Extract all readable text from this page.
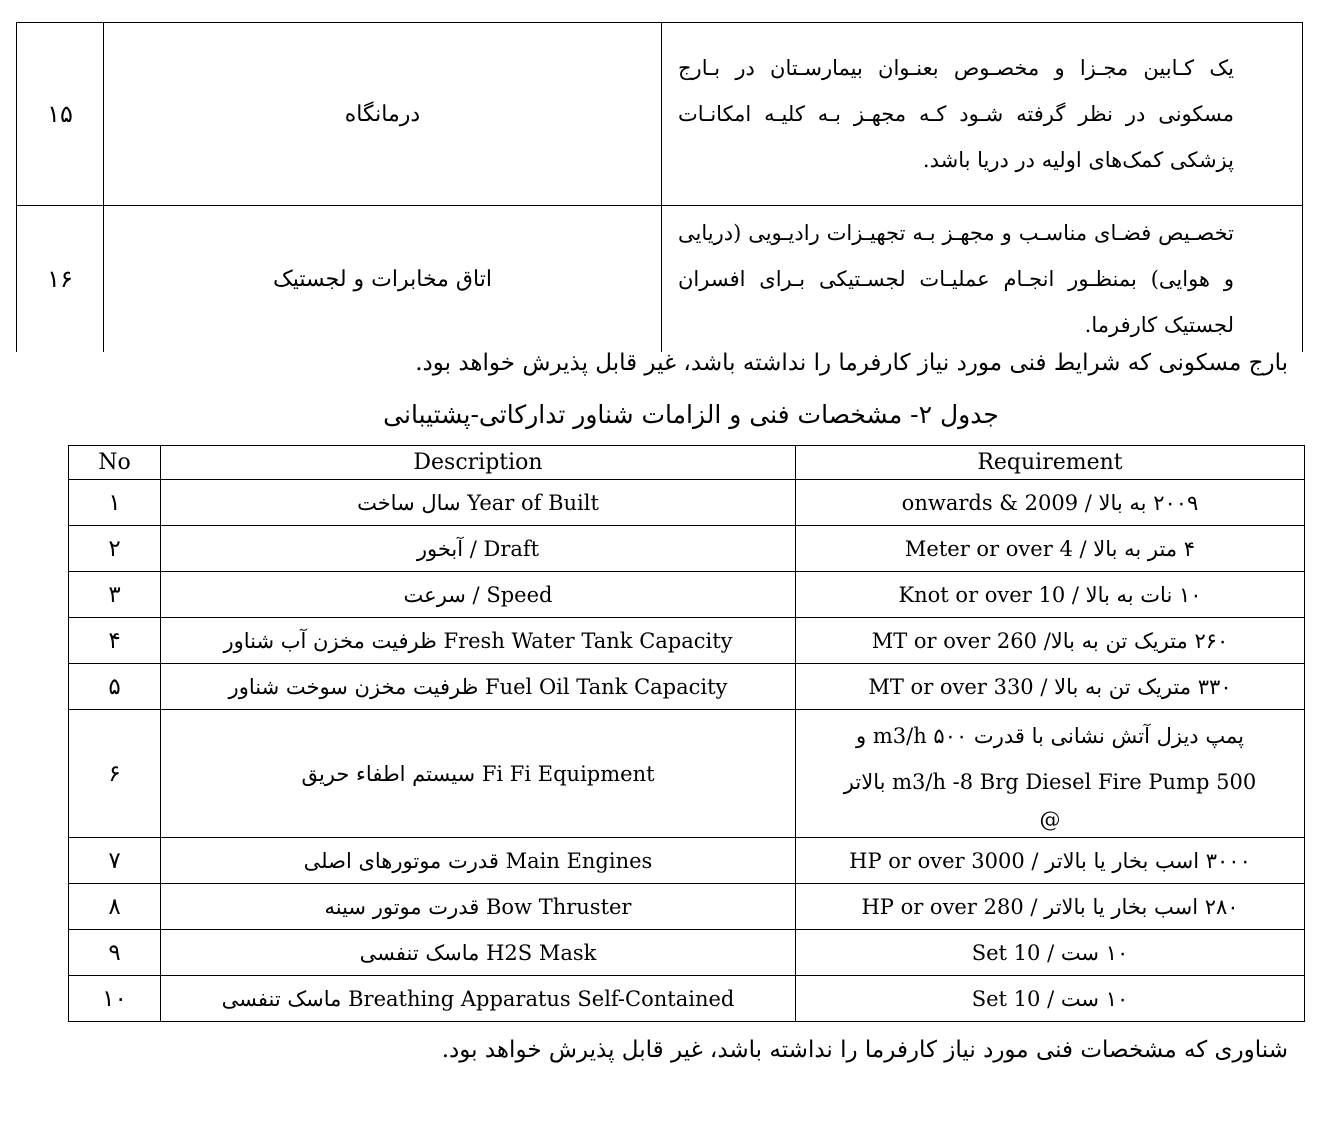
۱۵	درمانگاه	یک کـابین مجـزا و مخصـوص بعنـوان بیمارسـتان در بـارج مسکونی در نظر گرفته شـود کـه مجهـز بـه کلیـه امکانـات پزشکی کمک‌های اولیه در دریا باشد.
۱۶	اتاق مخابرات و لجستیک	تخصـیص فضـای مناسـب و مجهـز بـه تجهیـزات رادیـویی (دریایی و هوایی) بمنظـور انجـام عملیـات لجسـتیکی بـرای افسران لجستیک کارفرما.
بارج مسکونی که شرایط فنی مورد نیاز کارفرما را نداشته باشد، غیر قابل پذیرش خواهد بود.
جدول ۲- مشخصات فنی و الزامات شناور تدارکاتی-پشتیبانی
No	Description	Requirement
۱	Year of Built سال ساخت	۲۰۰۹ به بالا / 2009 & onwards
۲	Draft / آبخور	۴ متر به بالا / 4 Meter or over
۳	Speed / سرعت	۱۰ نات به بالا / 10 Knot or over
۴	Fresh Water Tank Capacity ظرفیت مخزن آب شناور	۲۶۰ متریک تن به بالا/ 260 MT or over
۵	Fuel Oil Tank Capacity ظرفیت مخزن سوخت شناور	۳۳۰ متریک تن به بالا / 330 MT or over
۶	Fi Fi Equipment سیستم اطفاء حریق	پمپ دیزل آتش نشانی با قدرت m3/h ۵۰۰ و
500 m3/h -8 Brg Diesel Fire Pump بالاتر
@

۷	Main Engines قدرت موتورهای اصلی	۳۰۰۰ اسب بخار یا بالاتر / 3000 HP or over
۸	Bow Thruster قدرت موتور سینه	۲۸۰ اسب بخار یا بالاتر / 280 HP or over
۹	H2S Mask ماسک تنفسی	۱۰ ست / 10 Set
۱۰	Breathing Apparatus Self-Contained ماسک تنفسی	۱۰ ست / 10 Set
شناوری که مشخصات فنی مورد نیاز کارفرما را نداشته باشد، غیر قابل پذیرش خواهد بود.
